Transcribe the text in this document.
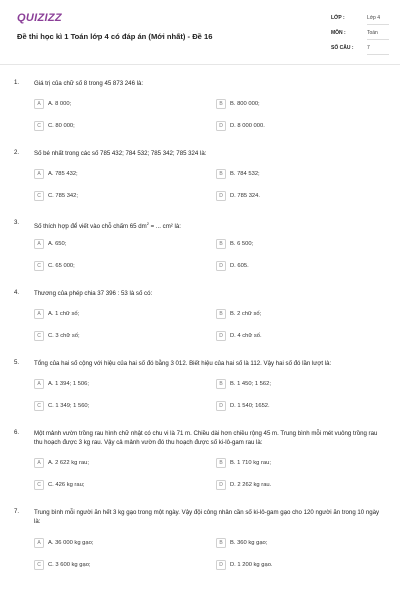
QUIZIZZ
Đề thi học kì 1 Toán lớp 4 có đáp án (Mới nhất) - Đề 16
LỚP :	Lớp 4
MÔN :	Toán
SỐ CÂU :	7
1. Giá trị của chữ số 8 trong 45 873 246 là:
A	A. 8 000;	B	B. 800 000;
C	C. 80 000;	D	D. 8 000 000.
2. Số bé nhất trong các số 785 432; 784 532; 785 342; 785 324 là:
A	A. 785 432;	B	B. 784 532;
C	C. 785 342;	D	D. 785 324.
3.
Số thích hợp để viết vào chỗ chấm 65 $dm^2$ = ... cm² là:
A	A. 650;	B	B. 6 500;
C	C. 65 000;	D	D. 605.
4. Thương của phép chia 37 396 : 53 là số có:
A	A. 1 chữ số;	B	B. 2 chữ số;
C	C. 3 chữ số;	D	D. 4 chữ số.
5. Tổng của hai số cộng với hiệu của hai số đó bằng 3 012. Biết hiệu của hai số là 112. Vậy hai số đó lần lượt là:
A	A. 1 394; 1 506;	B	B. 1 450; 1 562;
C	C. 1 349; 1 560;	D	D. 1 540; 1652.
6. Một mảnh vườn trồng rau hình chữ nhật có chu vi là 71 m. Chiều dài hơn chiều rộng 45 m. Trung bình mỗi mét vuông trồng rau thu hoạch được 3 kg rau. Vậy cả mảnh vườn đó thu hoạch được số ki-lô-gam rau là:
A	A. 2 622 kg rau;	B	B. 1 710 kg rau;
C	C. 426 kg rau;	D	D. 2 262 kg rau.
7. Trung bình mỗi người ăn hết 3 kg gạo trong một ngày. Vậy đội công nhân cần số ki-lô-gam gạo cho 120 người ăn trong 10 ngày là:
A	A. 36 000 kg gạo;	B	B. 360 kg gạo;
C	C. 3 600 kg gạo;	D	D. 1 200 kg gạo.
